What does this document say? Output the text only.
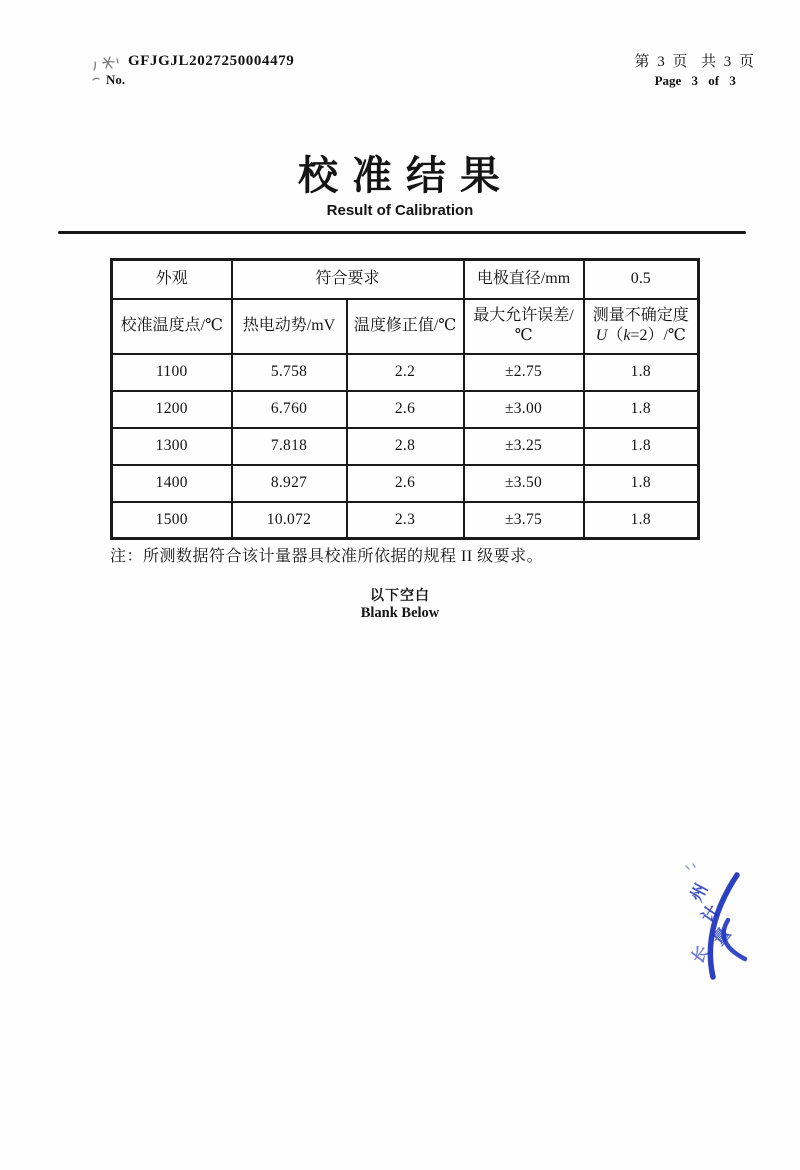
GFJGJL2027250004479
No.
第 3 页  共 3 页
Page 3 of 3
校 准 结 果
Result of Calibration
外观	符合要求		电极直径/mm	0.5
校准温度点/℃	热电动势/mV	温度修正值/℃	最大允许误差/℃	测量不确定度
U（k=2）/℃
1100	5.758	2.2	±2.75	1.8
1200	6.760	2.6	±3.00	1.8
1300	7.818	2.8	±3.25	1.8
1400	8.927	2.6	±3.50	1.8
1500	10.072	2.3	±3.75	1.8
注：所测数据符合该计量器具校准所依据的规程 II 级要求。
以下空白
Blank Below
州
计
量
长
